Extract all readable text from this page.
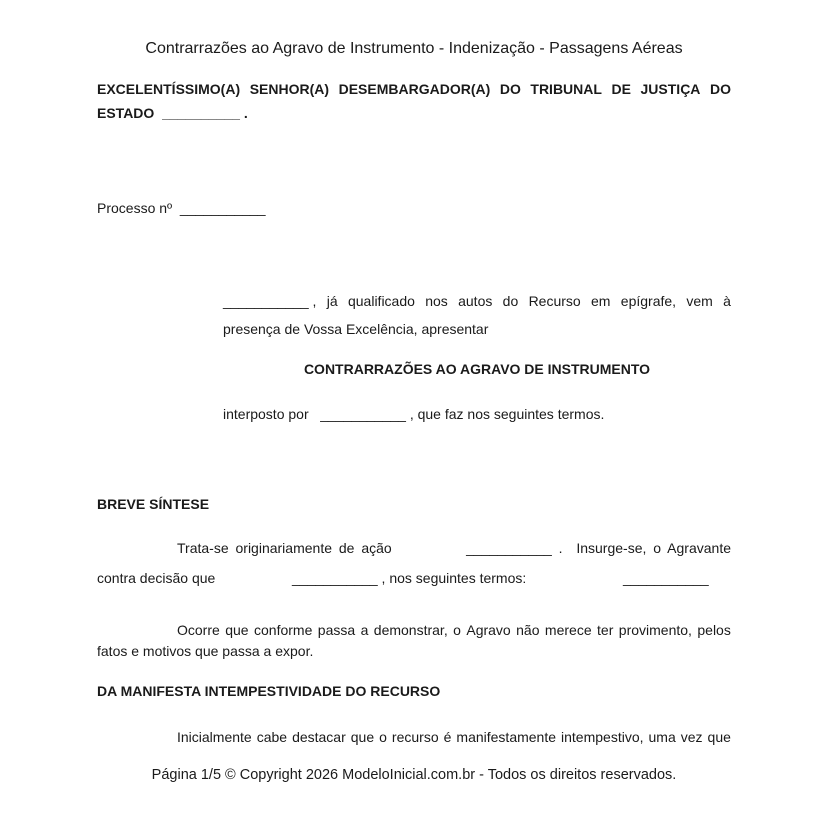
Contrarrazões ao Agravo de Instrumento - Indenização - Passagens Aéreas
EXCELENTÍSSIMO(A) SENHOR(A) DESEMBARGADOR(A) DO TRIBUNAL DE JUSTIÇA DO
ESTADO  __________ .
Processo nº  ___________
___________ , já qualificado nos autos do Recurso em epígrafe, vem à
presença de Vossa Excelência, apresentar
CONTRARRAZÕES AO AGRAVO DE INSTRUMENTO
interposto por   ___________ , que faz nos seguintes termos.
BREVE SÍNTESE
Trata-se originariamente de ação	___________ .  Insurge-se, o Agravante

contra decisão que

	___________ , nos seguintes termos:

	___________

Ocorre que conforme passa a demonstrar, o Agravo não merece ter provimento, pelos
fatos e motivos que passa a expor.
DA MANIFESTA INTEMPESTIVIDADE DO RECURSO
Inicialmente cabe destacar que o recurso é manifestamente intempestivo, uma vez que
Página 1/5 © Copyright 2026 ModeloInicial.com.br - Todos os direitos reservados.
